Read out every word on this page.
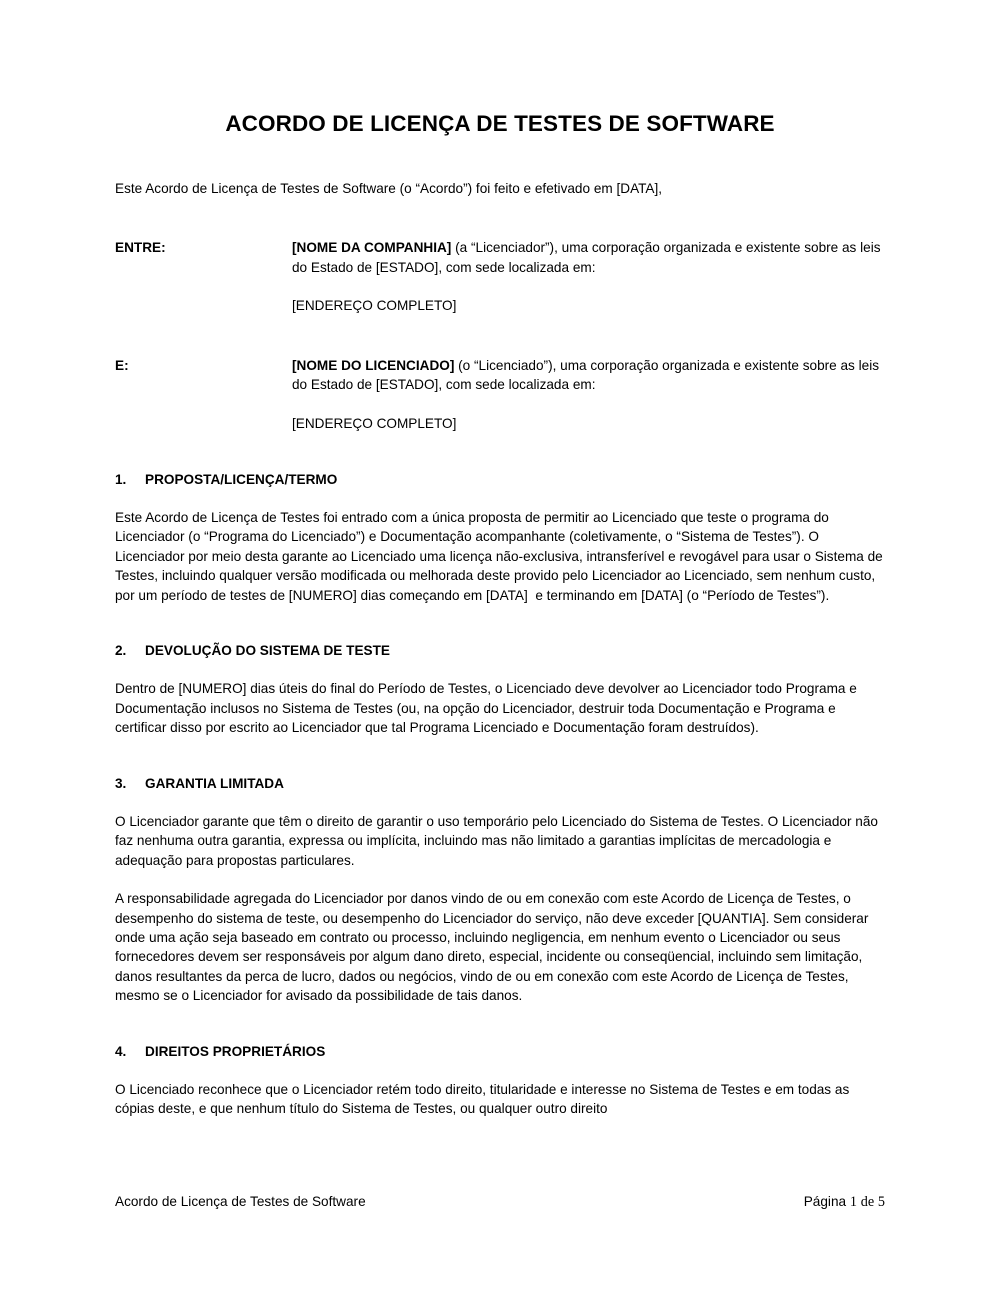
ACORDO DE LICENÇA DE TESTES DE SOFTWARE

Este Acordo de Licença de Testes de Software (o “Acordo”) foi feito e efetivado em [DATA],

ENTRE:	[NOME DA COMPANHIA] (a “Licenciador”), uma corporação organizada e existente sobre as leis do Estado de [ESTADO], com sede localizada em:
[ENDEREÇO COMPLETO]
E:	[NOME DO LICENCIADO] (o “Licenciado”), uma corporação organizada e existente sobre as leis do Estado de [ESTADO], com sede localizada em:
[ENDEREÇO COMPLETO]
1.	PROPOSTA/LICENÇA/TERMO

Este Acordo de Licença de Testes foi entrado com a única proposta de permitir ao Licenciado que teste o programa do Licenciador (o “Programa do Licenciado”) e Documentação acompanhante (coletivamente, o “Sistema de Testes”). O Licenciador por meio desta garante ao Licenciado uma licença não-exclusiva, intransferível e revogável para usar o Sistema de Testes, incluindo qualquer versão modificada ou melhorada deste provido pelo Licenciador ao Licenciado, sem nenhum custo, por um período de testes de [NUMERO] dias começando em [DATA]  e terminando em [DATA] (o “Período de Testes”).

2.	DEVOLUÇÃO DO SISTEMA DE TESTE

Dentro de [NUMERO] dias úteis do final do Período de Testes, o Licenciado deve devolver ao Licenciador todo Programa e Documentação inclusos no Sistema de Testes (ou, na opção do Licenciador, destruir toda Documentação e Programa e certificar disso por escrito ao Licenciador que tal Programa Licenciado e Documentação foram destruídos).

3.	GARANTIA LIMITADA

O Licenciador garante que têm o direito de garantir o uso temporário pelo Licenciado do Sistema de Testes. O Licenciador não faz nenhuma outra garantia, expressa ou implícita, incluindo mas não limitado a garantias implícitas de mercadologia e adequação para propostas particulares.

A responsabilidade agregada do Licenciador por danos vindo de ou em conexão com este Acordo de Licença de Testes, o desempenho do sistema de teste, ou desempenho do Licenciador do serviço, não deve exceder [QUANTIA]. Sem considerar onde uma ação seja baseado em contrato ou processo, incluindo negligencia, em nenhum evento o Licenciador ou seus fornecedores devem ser responsáveis por algum dano direto, especial, incidente ou conseqüencial, incluindo sem limitação, danos resultantes da perca de lucro, dados ou negócios, vindo de ou em conexão com este Acordo de Licença de Testes, mesmo se o Licenciador for avisado da possibilidade de tais danos.

4.	DIREITOS PROPRIETÁRIOS

O Licenciado reconhece que o Licenciador retém todo direito, titularidade e interesse no Sistema de Testes e em todas as cópias deste, e que nenhum título do Sistema de Testes, ou qualquer outro direito

Acordo de Licença de Testes de Software	Página 1 de 5
